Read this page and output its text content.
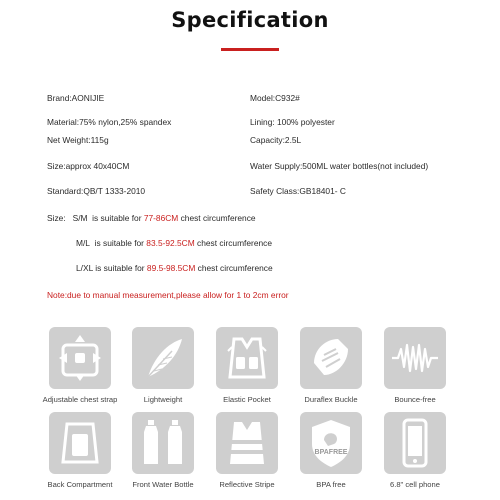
Specification
Brand:AONIJIE	Model:C932#
Material:75% nylon,25% spandex	Lining: 100% polyester
Net Weight:115g	Capacity:2.5L
Size:approx 40x40CM	Water Supply:500ML water bottles(not included)
Standard:QB/T 1333-2010	Safety Class:GB18401- C
Size: S/M is suitable for 77-86CM chest circumference
M/L is suitable for 83.5-92.5CM chest circumference
L/XL is suitable for 89.5-98.5CM chest circumference
Note:due to manual measurement,please allow for 1 to 2cm error
Adjustable chest strap	Lightweight	Elastic Pocket	Duraflex Buckle	Bounce-free
Back Compartment	Front Water Bottle	Reflective Stripe
BPAFREE
BPA free	6.8" cell phone
